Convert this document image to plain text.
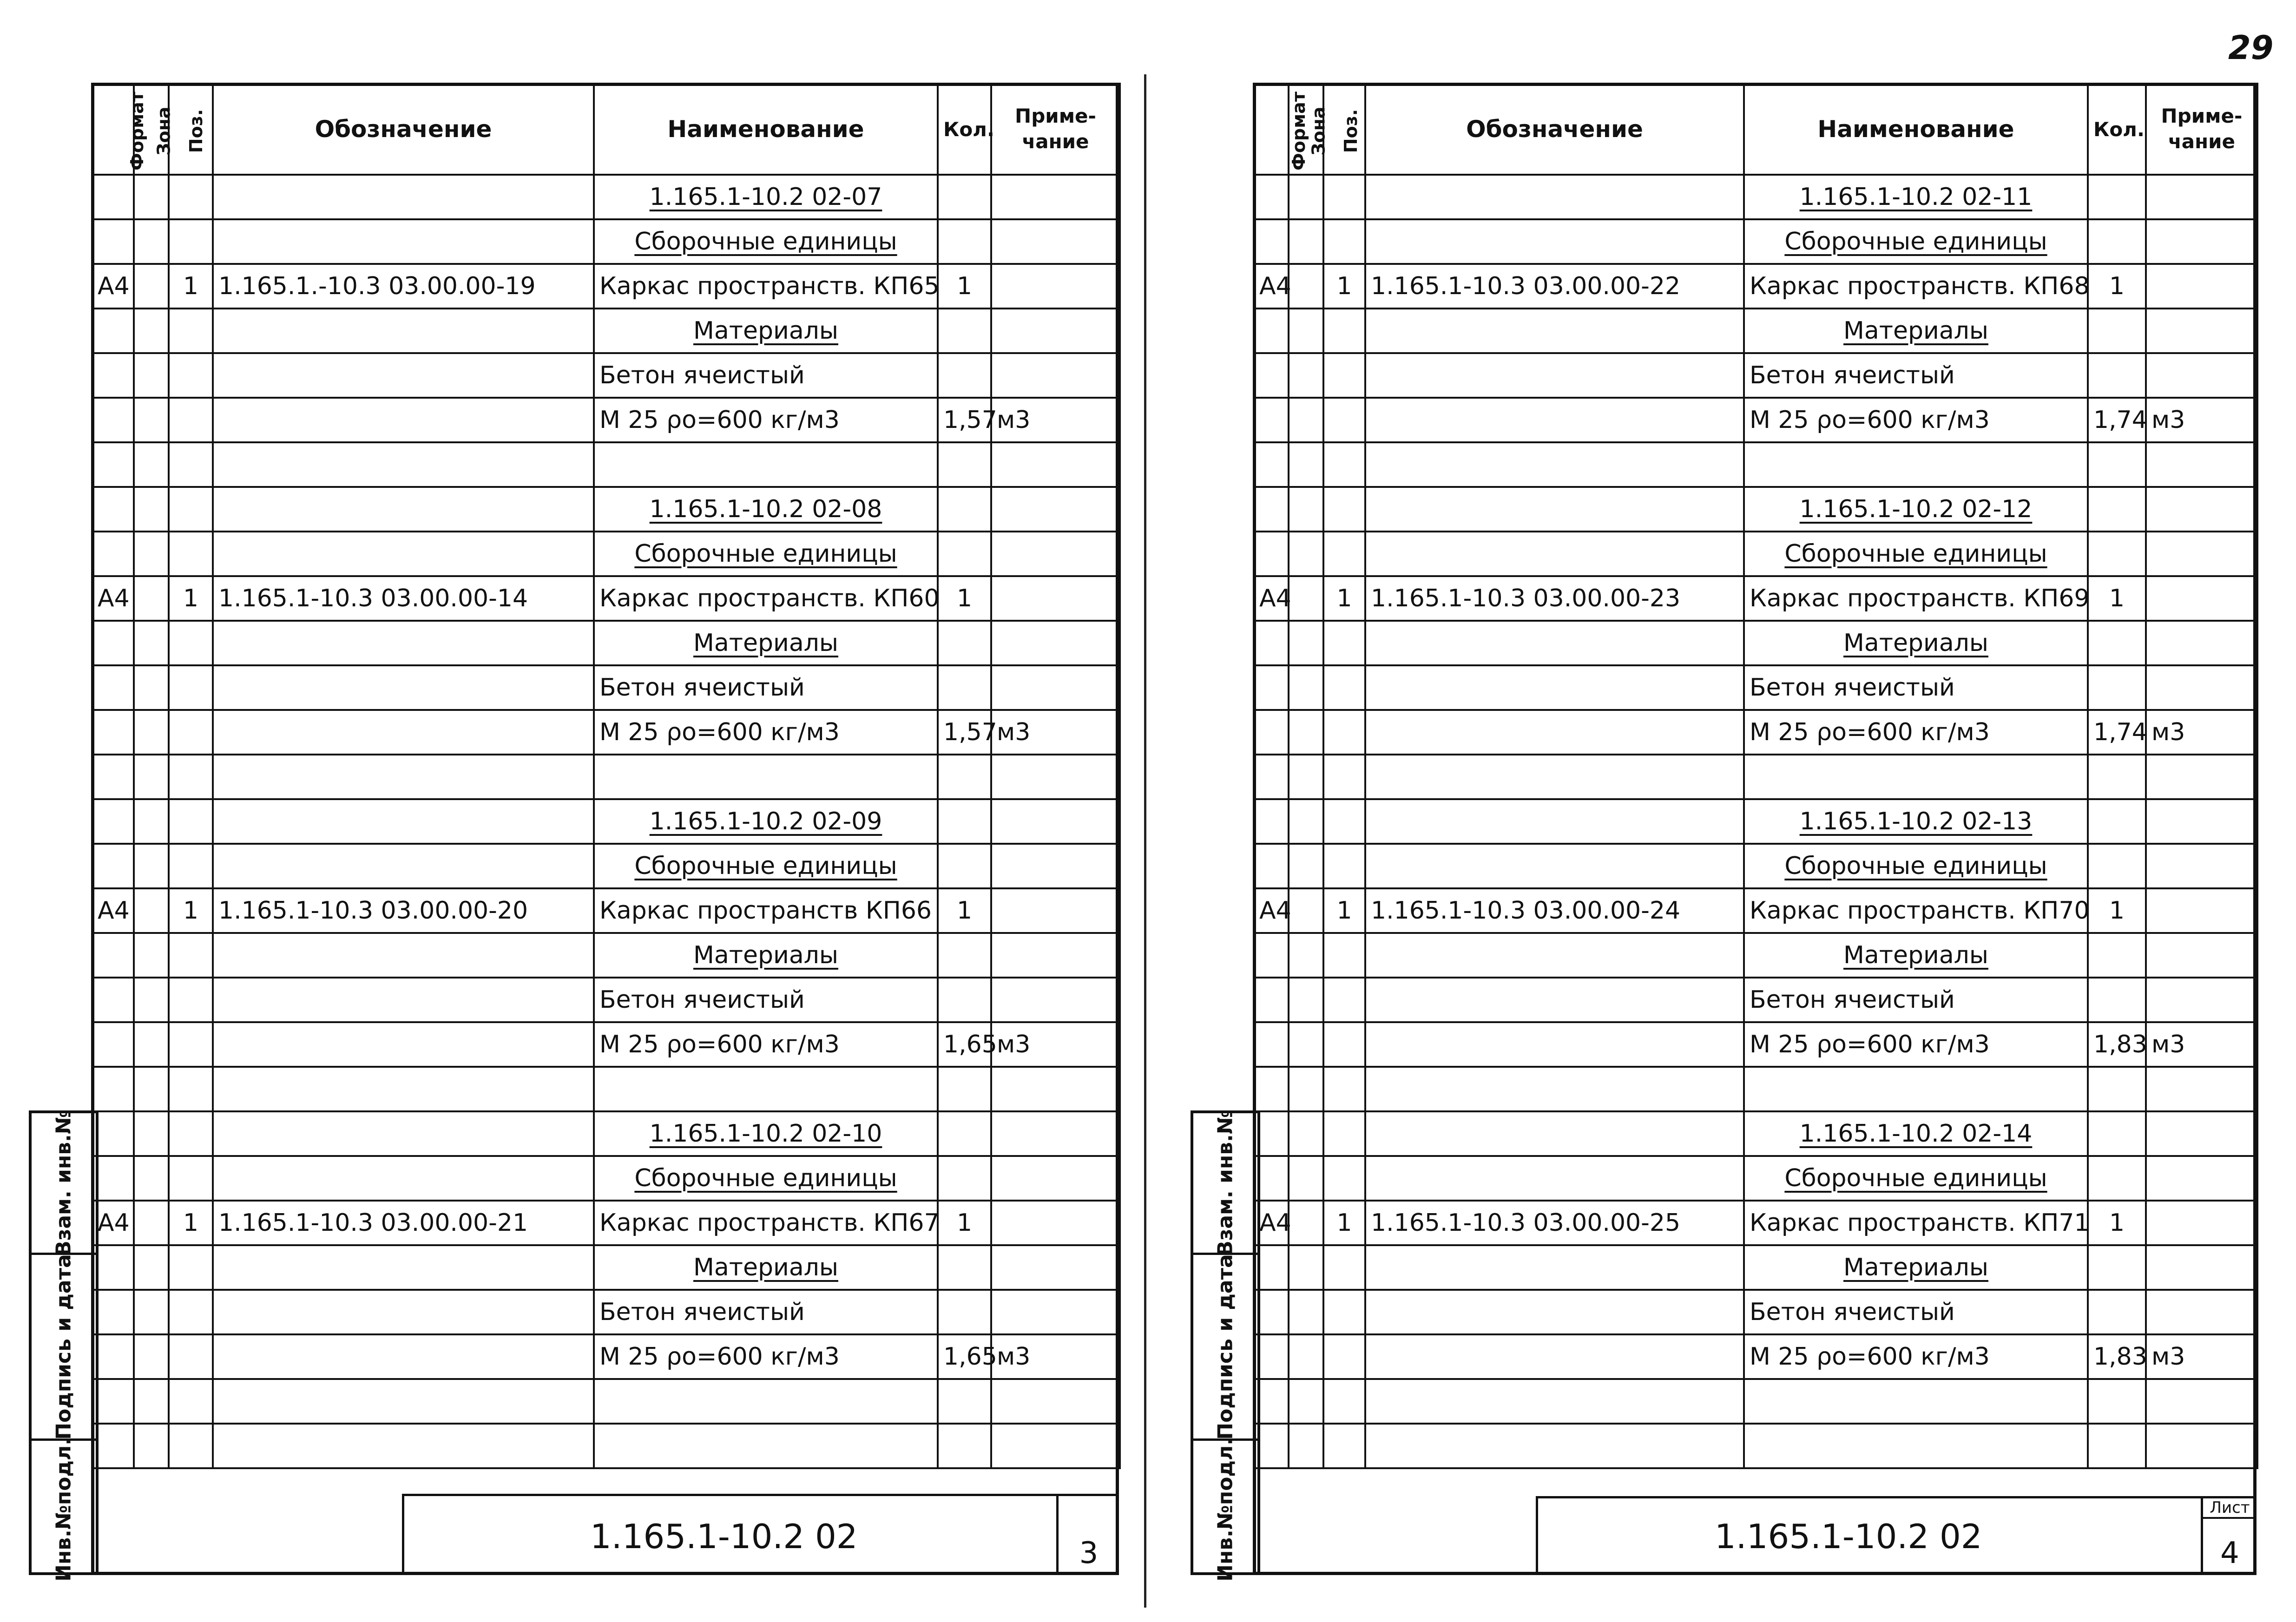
29
Взам. инв.№
Подпись и дата
Инв.№подл.
Формат	Зона	Поз.	Обозначение	Наименование	Кол.	Приме-чание
				1.165.1-10.2 02-07		
				Сборочные единицы		
А4		1	1.165.1.-10.3 03.00.00-19	Каркас пространств. КП65	1	
				Материалы		
				Бетон ячеистый		
				М 25 ρо=600 кг/м3	1,57	м3

				1.165.1-10.2 02-08		
				Сборочные единицы		
А4		1	1.165.1-10.3 03.00.00-14	Каркас пространств. КП60	1	
				Материалы		
				Бетон ячеистый		
				М 25 ρо=600 кг/м3	1,57	м3

				1.165.1-10.2 02-09		
				Сборочные единицы		
А4		1	1.165.1-10.3 03.00.00-20	Каркас пространств КП66	1	
				Материалы		
				Бетон ячеистый		
				М 25 ρо=600 кг/м3	1,65	м3

				1.165.1-10.2 02-10		
				Сборочные единицы		
А4		1	1.165.1-10.3 03.00.00-21	Каркас пространств. КП67	1	
				Материалы		
				Бетон ячеистый		
				М 25 ρо=600 кг/м3	1,65	м3

1.165.1-10.2 02	3
Взам. инв.№
Подпись и дата
Инв.№подл.
Формат	Зона	Поз.	Обозначение	Наименование	Кол.	Приме-чание
				1.165.1-10.2 02-11		
				Сборочные единицы		
А4		1	1.165.1-10.3 03.00.00-22	Каркас пространств. КП68	1	
				Материалы		
				Бетон ячеистый		
				М 25 ρо=600 кг/м3	1,74	м3

				1.165.1-10.2 02-12		
				Сборочные единицы		
А4		1	1.165.1-10.3 03.00.00-23	Каркас пространств. КП69	1	
				Материалы		
				Бетон ячеистый		
				М 25 ρо=600 кг/м3	1,74	м3

				1.165.1-10.2 02-13		
				Сборочные единицы		
А4		1	1.165.1-10.3 03.00.00-24	Каркас пространств. КП70	1	
				Материалы		
				Бетон ячеистый		
				М 25 ρо=600 кг/м3	1,83	м3

				1.165.1-10.2 02-14		
				Сборочные единицы		
А4		1	1.165.1-10.3 03.00.00-25	Каркас пространств. КП71	1	
				Материалы		
				Бетон ячеистый		
				М 25 ρо=600 кг/м3	1,83	м3

1.165.1-10.2 02
Лист
4
